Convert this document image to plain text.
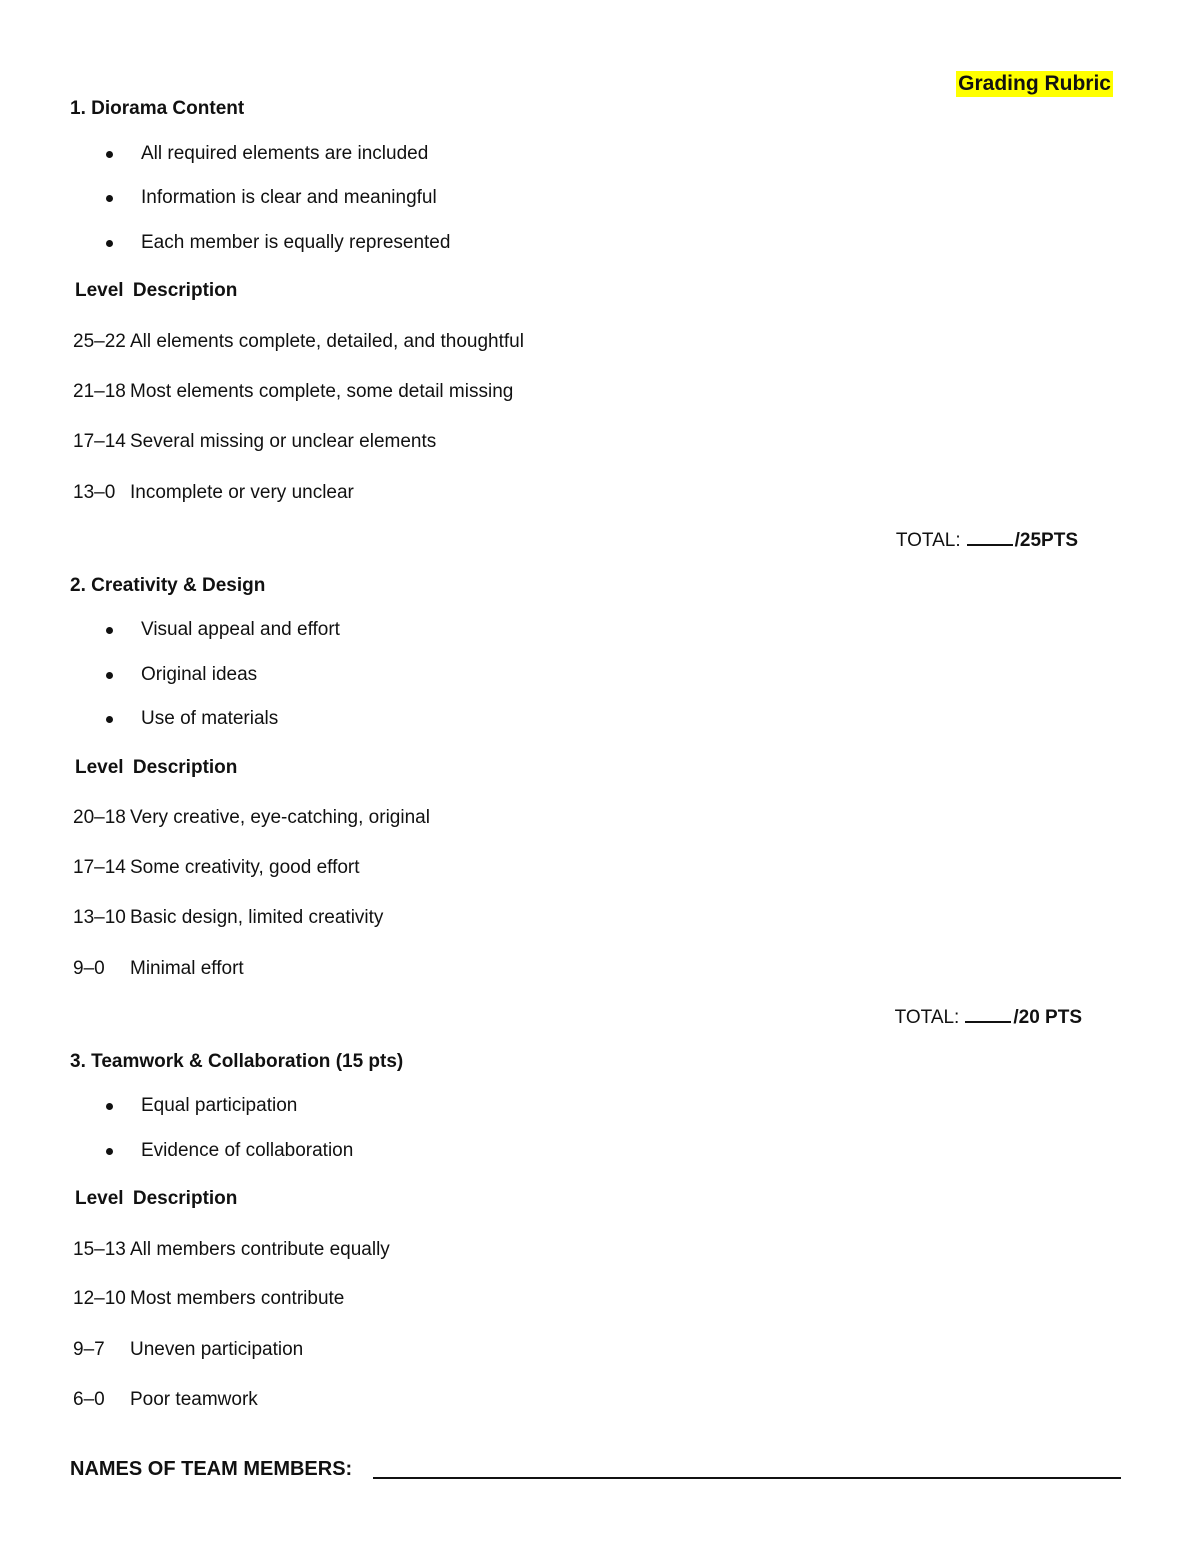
Grading Rubric
1. Diorama Content
All required elements are included
Information is clear and meaningful
Each member is equally represented
Level Description
25–22 All elements complete, detailed, and thoughtful
21–18 Most elements complete, some detail missing
17–14 Several missing or unclear elements
13–0 Incomplete or very unclear
TOTAL:	/25PTS
2. Creativity & Design
Visual appeal and effort
Original ideas
Use of materials
Level Description
20–18 Very creative, eye-catching, original
17–14 Some creativity, good effort
13–10 Basic design, limited creativity
9–0 Minimal effort
TOTAL:	/20 PTS
3. Teamwork & Collaboration (15 pts)
Equal participation
Evidence of collaboration
Level Description
15–13 All members contribute equally
12–10 Most members contribute
9–7 Uneven participation
6–0 Poor teamwork
NAMES OF TEAM MEMBERS:
